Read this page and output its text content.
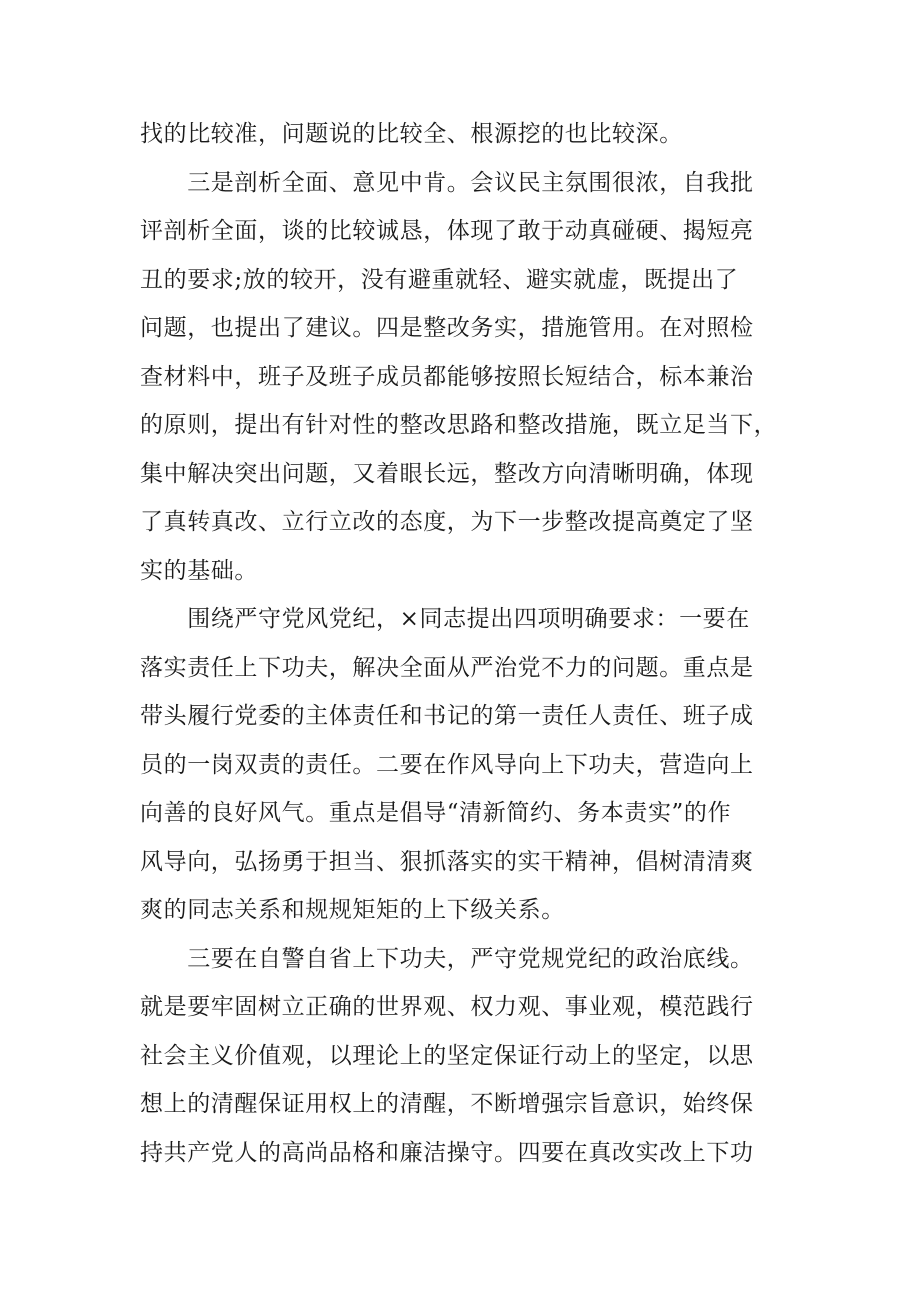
找的比较准，问题说的比较全、根源挖的也比较深。
　　三是剖析全面、意见中肯。会议民主氛围很浓，自我批
评剖析全面，谈的比较诚恳，体现了敢于动真碰硬、揭短亮
丑的要求;放的较开，没有避重就轻、避实就虚，既提出了
问题，也提出了建议。四是整改务实，措施管用。在对照检
查材料中，班子及班子成员都能够按照长短结合，标本兼治
的原则，提出有针对性的整改思路和整改措施，既立足当下，
集中解决突出问题，又着眼长远，整改方向清晰明确，体现
了真转真改、立行立改的态度，为下一步整改提高奠定了坚
实的基础。
　　围绕严守党风党纪，×同志提出四项明确要求：一要在
落实责任上下功夫，解决全面从严治党不力的问题。重点是
带头履行党委的主体责任和书记的第一责任人责任、班子成
员的一岗双责的责任。二要在作风导向上下功夫，营造向上
向善的良好风气。重点是倡导“清新简约、务本责实”的作
风导向，弘扬勇于担当、狠抓落实的实干精神，倡树清清爽
爽的同志关系和规规矩矩的上下级关系。
　　三要在自警自省上下功夫，严守党规党纪的政治底线。
就是要牢固树立正确的世界观、权力观、事业观，模范践行
社会主义价值观，以理论上的坚定保证行动上的坚定，以思
想上的清醒保证用权上的清醒，不断增强宗旨意识，始终保
持共产党人的高尚品格和廉洁操守。四要在真改实改上下功
